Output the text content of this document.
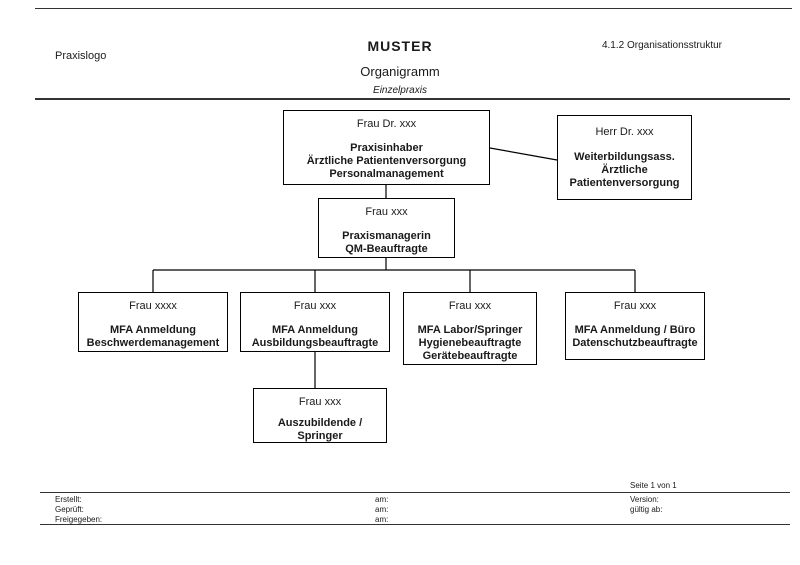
Praxislogo
MUSTER	4.1.2 Organisationsstruktur
Organigramm
Einzelpraxis
Frau Dr. xxx
Praxisinhaber
Ärztliche Patientenversorgung
Personalmanagement
Herr Dr. xxx
Weiterbildungsass.
Ärztliche
Patientenversorgung
Frau xxx
Praxismanagerin
QM-Beauftragte
Frau xxxx
MFA Anmeldung
Beschwerdemanagement
Frau xxx
MFA Anmeldung
Ausbildungsbeauftragte
Frau xxx
MFA Labor/Springer
Hygienebeauftragte
Gerätebeauftragte
Frau xxx
MFA Anmeldung / Büro
Datenschutzbeauftragte
Frau xxx
Auszubildende /
Springer
Seite 1 von 1
Erstellt:	am:	Version:
Geprüft:	am:	gültig ab:
Freigegeben:	am:
